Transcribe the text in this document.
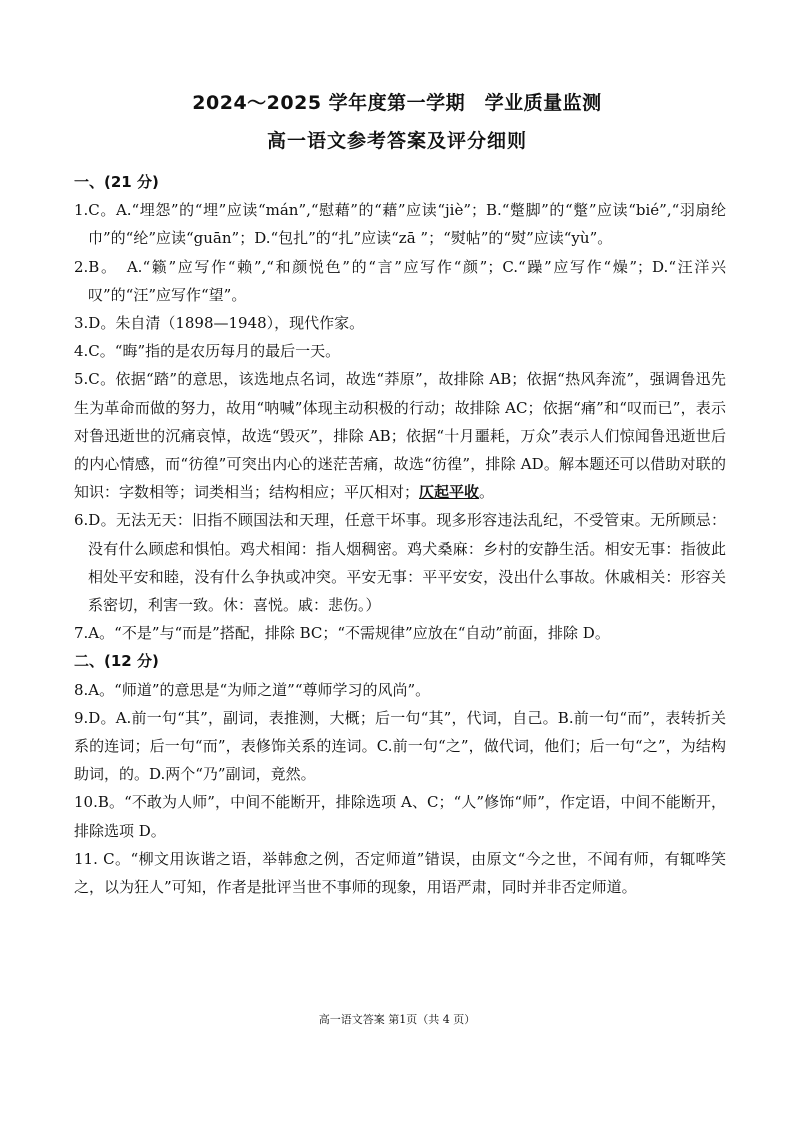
2024～2025 学年度第一学期　学业质量监测
高一语文参考答案及评分细则
一、(21 分)
1.C。A.“埋怨”的“埋”应读“mán”,“慰藉”的“藉”应读“jiè”；B.“蹩脚”的“蹩”应读“bié”,“羽扇纶巾”的“纶”应读“guān”；D.“包扎”的“扎”应读“zā ”；“熨帖”的“熨”应读“yù”。
2.B。　A.“籁”应写作“赖”,“和颜悦色”的“言”应写作“颜”；C.“躁”应写作“燥”；D.“汪洋兴叹”的“汪”应写作“望”。
3.D。朱自清（1898—1948），现代作家。
4.C。“晦”指的是农历每月的最后一天。
5.C。依据“踏”的意思，该选地点名词，故选“莽原”，故排除 AB；依据“热风奔流”，强调鲁迅先生为革命而做的努力，故用“呐喊”体现主动积极的行动；故排除 AC；依据“痛”和“叹而已”，表示对鲁迅逝世的沉痛哀悼，故选“毁灭”，排除 AB；依据“十月噩耗，万众”表示人们惊闻鲁迅逝世后的内心情感，而“彷徨”可突出内心的迷茫苦痛，故选“彷徨”，排除 AD。解本题还可以借助对联的知识：字数相等；词类相当；结构相应；平仄相对；仄起平收。
6.D。无法无天：旧指不顾国法和天理，任意干坏事。现多形容违法乱纪，不受管束。无所顾忌：没有什么顾虑和惧怕。鸡犬相闻：指人烟稠密。鸡犬桑麻：乡村的安静生活。相安无事：指彼此相处平安和睦，没有什么争执或冲突。平安无事：平平安安，没出什么事故。休戚相关：形容关系密切，利害一致。休：喜悦。戚：悲伤。）
7.A。“不是”与“而是”搭配，排除 BC；“不需规律”应放在“自动”前面，排除 D。
二、(12 分)
8.A。“师道”的意思是“为师之道”“尊师学习的风尚”。
9.D。A.前一句“其”，副词，表推测，大概；后一句“其”，代词，自己。B.前一句“而”，表转折关系的连词；后一句“而”，表修饰关系的连词。C.前一句“之”，做代词，他们；后一句“之”，为结构助词，的。D.两个“乃”副词，竟然。
10.B。“不敢为人师”，中间不能断开，排除选项 A、C；“人”修饰“师”，作定语，中间不能断开，排除选项 D。
11. C。“柳文用诙谐之语，举韩愈之例，否定师道”错误，由原文“今之世，不闻有师，有辄哗笑之，以为狂人”可知，作者是批评当世不事师的现象，用语严肃，同时并非否定师道。
高一语文答案 第1页（共 4 页）
